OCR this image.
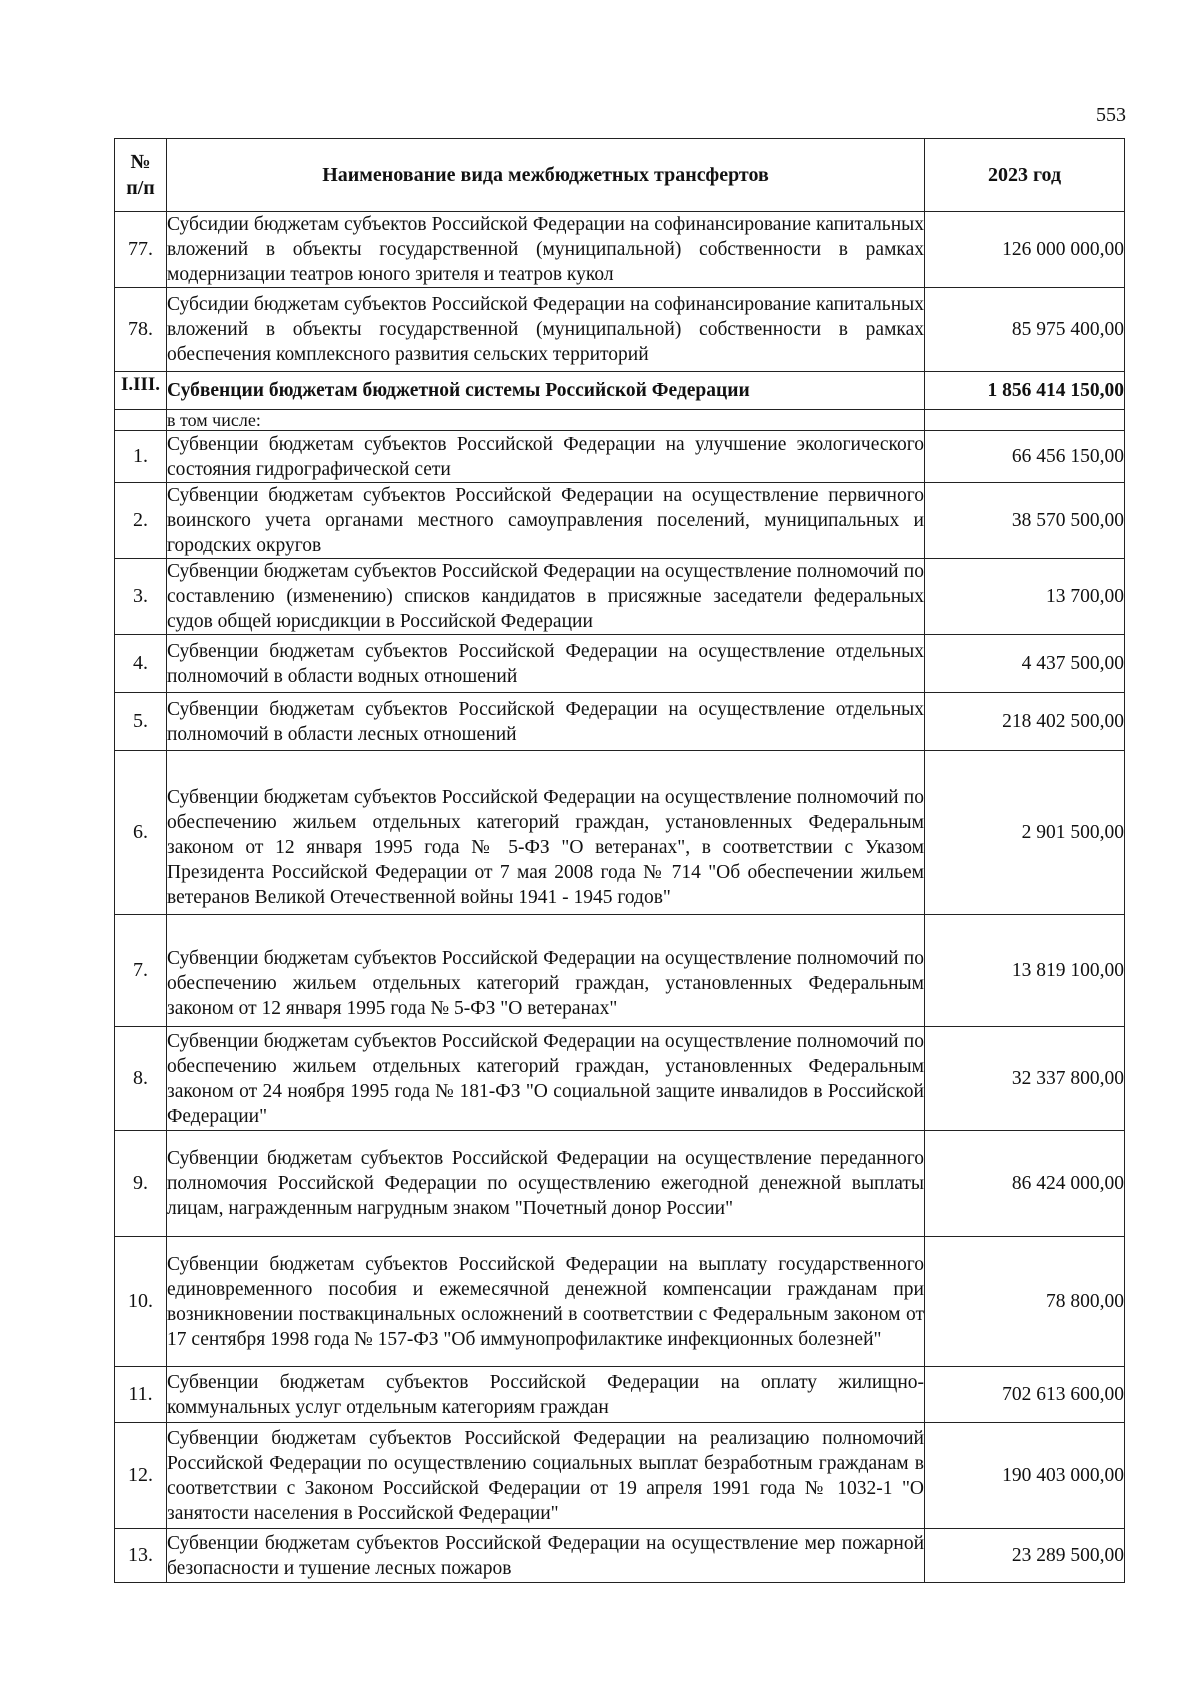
553
№
п/п	Наименование вида межбюджетных трансфертов	2023 год
77.	Субсидии бюджетам субъектов Российской Федерации на софинансирование капитальных вложений в объекты государственной (муниципальной) собственности в рамках модернизации театров юного зрителя и театров кукол	126 000 000,00
78.	Субсидии бюджетам субъектов Российской Федерации на софинансирование капитальных вложений в объекты государственной (муниципальной) собственности в рамках обеспечения комплексного развития сельских территорий	85 975 400,00
I.III.	Субвенции бюджетам бюджетной системы Российской Федерации	1 856 414 150,00
	в том числе:	
1.	Субвенции бюджетам субъектов Российской Федерации на улучшение экологического состояния гидрографической сети	66 456 150,00
2.	Субвенции бюджетам субъектов Российской Федерации на осуществление первичного воинского учета органами местного самоуправления поселений, муниципальных и городских округов	38 570 500,00
3.	Субвенции бюджетам субъектов Российской Федерации на осуществление полномочий по составлению (изменению) списков кандидатов в присяжные заседатели федеральных судов общей юрисдикции в Российской Федерации	13 700,00
4.	Субвенции бюджетам субъектов Российской Федерации на осуществление отдельных полномочий в области водных отношений	4 437 500,00
5.	Субвенции бюджетам субъектов Российской Федерации на осуществление отдельных полномочий в области лесных отношений	218 402 500,00
6.	Субвенции бюджетам субъектов Российской Федерации на осуществление полномочий по обеспечению жильем отдельных категорий граждан, установленных Федеральным законом от 12 января 1995 года № 5-ФЗ "О ветеранах", в соответствии с Указом Президента Российской Федерации от 7 мая 2008 года № 714 "Об обеспечении жильем ветеранов Великой Отечественной войны 1941 - 1945 годов"	2 901 500,00
7.	Субвенции бюджетам субъектов Российской Федерации на осуществление полномочий по обеспечению жильем отдельных категорий граждан, установленных Федеральным законом от 12 января 1995 года № 5-ФЗ "О ветеранах"	13 819 100,00
8.	Субвенции бюджетам субъектов Российской Федерации на осуществление полномочий по обеспечению жильем отдельных категорий граждан, установленных Федеральным законом от 24 ноября 1995 года № 181-ФЗ "О социальной защите инвалидов в Российской Федерации"	32 337 800,00
9.	Субвенции бюджетам субъектов Российской Федерации на осуществление переданного полномочия Российской Федерации по осуществлению ежегодной денежной выплаты лицам, награжденным нагрудным знаком "Почетный донор России"	86 424 000,00
10.	Субвенции бюджетам субъектов Российской Федерации на выплату государственного единовременного пособия и ежемесячной денежной компенсации гражданам при возникновении поствакцинальных осложнений в соответствии с Федеральным законом от 17 сентября 1998 года № 157-ФЗ "Об иммунопрофилактике инфекционных болезней"	78 800,00
11.	Субвенции бюджетам субъектов Российской Федерации на оплату жилищно-коммунальных услуг отдельным категориям граждан	702 613 600,00
12.	Субвенции бюджетам субъектов Российской Федерации на реализацию полномочий Российской Федерации по осуществлению социальных выплат безработным гражданам в соответствии с Законом Российской Федерации от 19 апреля 1991 года № 1032-1 "О занятости населения в Российской Федерации"	190 403 000,00
13.	Субвенции бюджетам субъектов Российской Федерации на осуществление мер пожарной безопасности и тушение лесных пожаров	23 289 500,00
